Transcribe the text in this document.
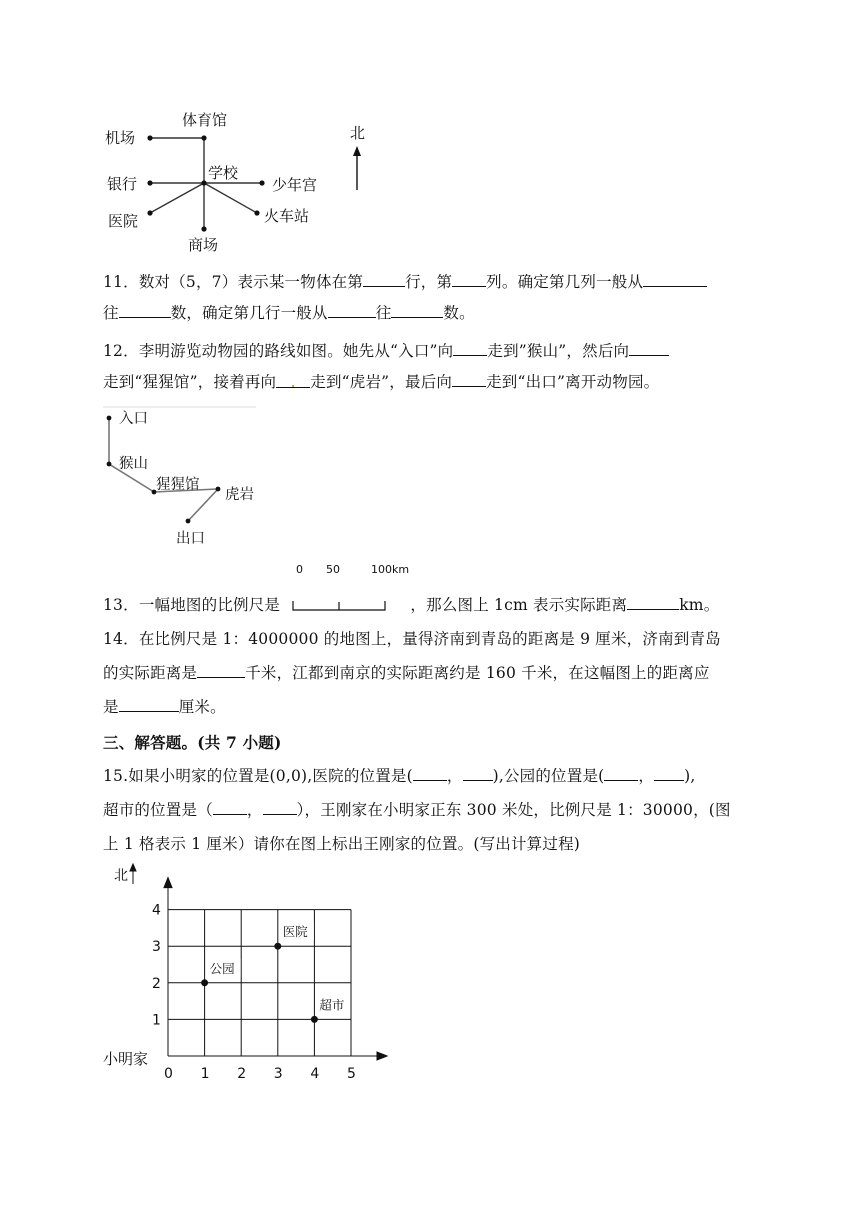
体育馆
机场
银行
学校
少年宫
医院	火车站
商场
北
11．数对（5，7）表示某一物体在第	行，第 列。确定第几列一般从
往	数，确定第几行一般从	往	数。
12．李明游览动物园的路线如图。她先从“入口”向 走到”猴山”，然后向
走到“猩猩馆”，接着再向 . 走到“虎岩”，最后向 走到“出口”离开动物园。
入口
猴山
猩猩馆
虎岩
出口
0 50	100km
13．一幅地图的比例尺是	，那么图上 1cm 表示实际距离	km。
14．在比例尺是 1：4000000 的地图上，量得济南到青岛的距离是 9 厘米，济南到青岛
的实际距离是	千米，江都到南京的实际距离约是 160 千米，在这幅图上的距离应
是	厘米。
三、解答题。(共 7 小题)
15.如果小明家的位置是(0,0),医院的位置是( ， ),公园的位置是( ， ),
超市的位置是（ ， ），王刚家在小明家正东 300 米处，比例尺是 1：30000，(图
上 1 格表示 1 厘米）请你在图上标出王刚家的位置。(写出计算过程)
0 1 2 3 4 5
1
2
3
4
北
小明家
公园
医院
超市
